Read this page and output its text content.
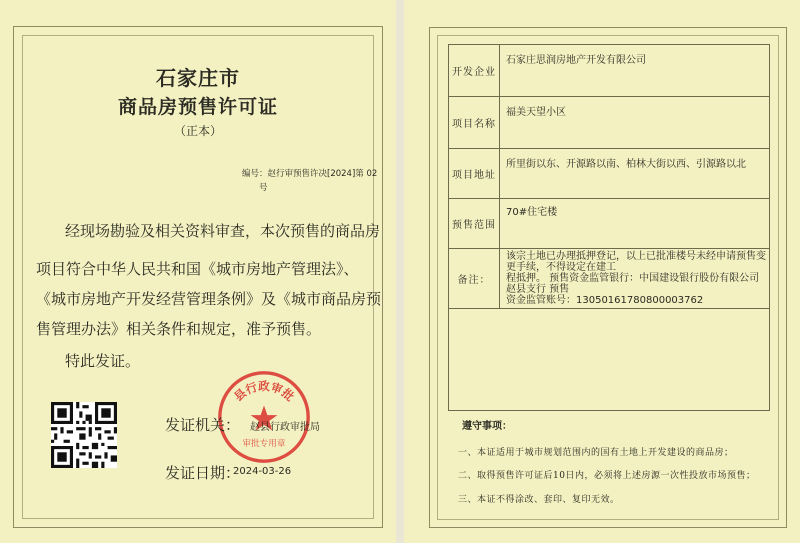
石家庄市
商品房预售许可证
（正本）
编号：赵行审预售许决[2024]第 02
号
经现场勘验及相关资料审查，本次预售的商品房
项目符合中华人民共和国《城市房地产管理法》、
《城市房地产开发经营管理条例》及《城市商品房预
售管理办法》相关条件和规定，准予预售。
特此发证。
县行政审批
审批专用章
发证机关： 赵县行政审批局
发证日期：
2024-03-26
开发企业	石家庄思润房地产开发有限公司
项目名称	福美天望小区
项目地址	所里街以东、开源路以南、柏林大街以西、引源路以北
预售范围	70#住宅楼
备注：	该宗土地已办理抵押登记，以上已批准楼号未经申请预售变更手续，不得设定在建工
程抵押。 预售资金监管银行：中国建设银行股份有限公司赵县支行 预售
资金监管账号：13050161780800003762

遵守事项：
一、本证适用于城市规划范围内的国有土地上开发建设的商品房；
二、取得预售许可证后10日内，必须将上述房源一次性投放市场预售；
三、本证不得涂改、套印、复印无效。
